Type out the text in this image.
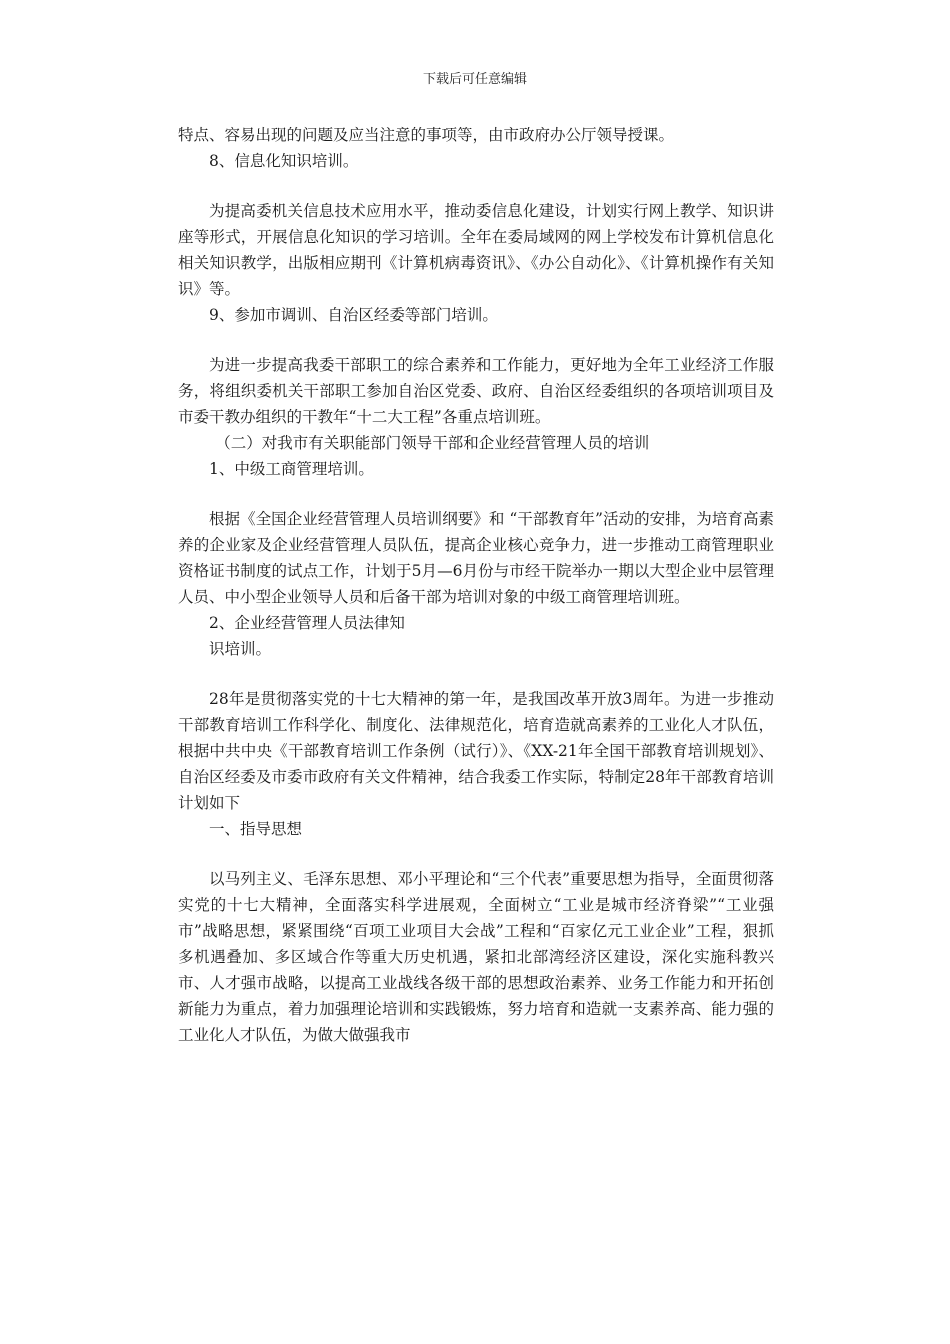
下载后可任意编辑

特点、容易出现的问题及应当注意的事项等，由市政府办公厅领导授课。

8、信息化知识培训。

为提高委机关信息技术应用水平，推动委信息化建设，计划实行网上教学、知识讲座等形式，开展信息化知识的学习培训。全年在委局域网的网上学校发布计算机信息化相关知识教学，出版相应期刊《计算机病毒资讯》、《办公自动化》、《计算机操作有关知识》等。

9、参加市调训、自治区经委等部门培训。

为进一步提高我委干部职工的综合素养和工作能力，更好地为全年工业经济工作服务，将组织委机关干部职工参加自治区党委、政府、自治区经委组织的各项培训项目及市委干教办组织的干教年“十二大工程”各重点培训班。

（二）对我市有关职能部门领导干部和企业经营管理人员的培训

1、中级工商管理培训。

根据《全国企业经营管理人员培训纲要》和 “干部教育年”活动的安排，为培育高素养的企业家及企业经营管理人员队伍，提高企业核心竞争力，进一步推动工商管理职业资格证书制度的试点工作，计划于5月—6月份与市经干院举办一期以大型企业中层管理人员、中小型企业领导人员和后备干部为培训对象的中级工商管理培训班。

2、企业经营管理人员法律知

识培训。

28年是贯彻落实党的十七大精神的第一年，是我国改革开放3周年。为进一步推动干部教育培训工作科学化、制度化、法律规范化，培育造就高素养的工业化人才队伍，根据中共中央《干部教育培训工作条例（试行）》、《XX-21年全国干部教育培训规划》、自治区经委及市委市政府有关文件精神，结合我委工作实际，特制定28年干部教育培训计划如下

一、指导思想

以马列主义、毛泽东思想、邓小平理论和“三个代表”重要思想为指导，全面贯彻落实党的十七大精神，全面落实科学进展观，全面树立“工业是城市经济脊梁”“工业强市”战略思想，紧紧围绕“百项工业项目大会战”工程和“百家亿元工业企业”工程，狠抓多机遇叠加、多区域合作等重大历史机遇，紧扣北部湾经济区建设，深化实施科教兴市、人才强市战略，以提高工业战线各级干部的思想政治素养、业务工作能力和开拓创新能力为重点，着力加强理论培训和实践锻炼，努力培育和造就一支素养高、能力强的工业化人才队伍，为做大做强我市
